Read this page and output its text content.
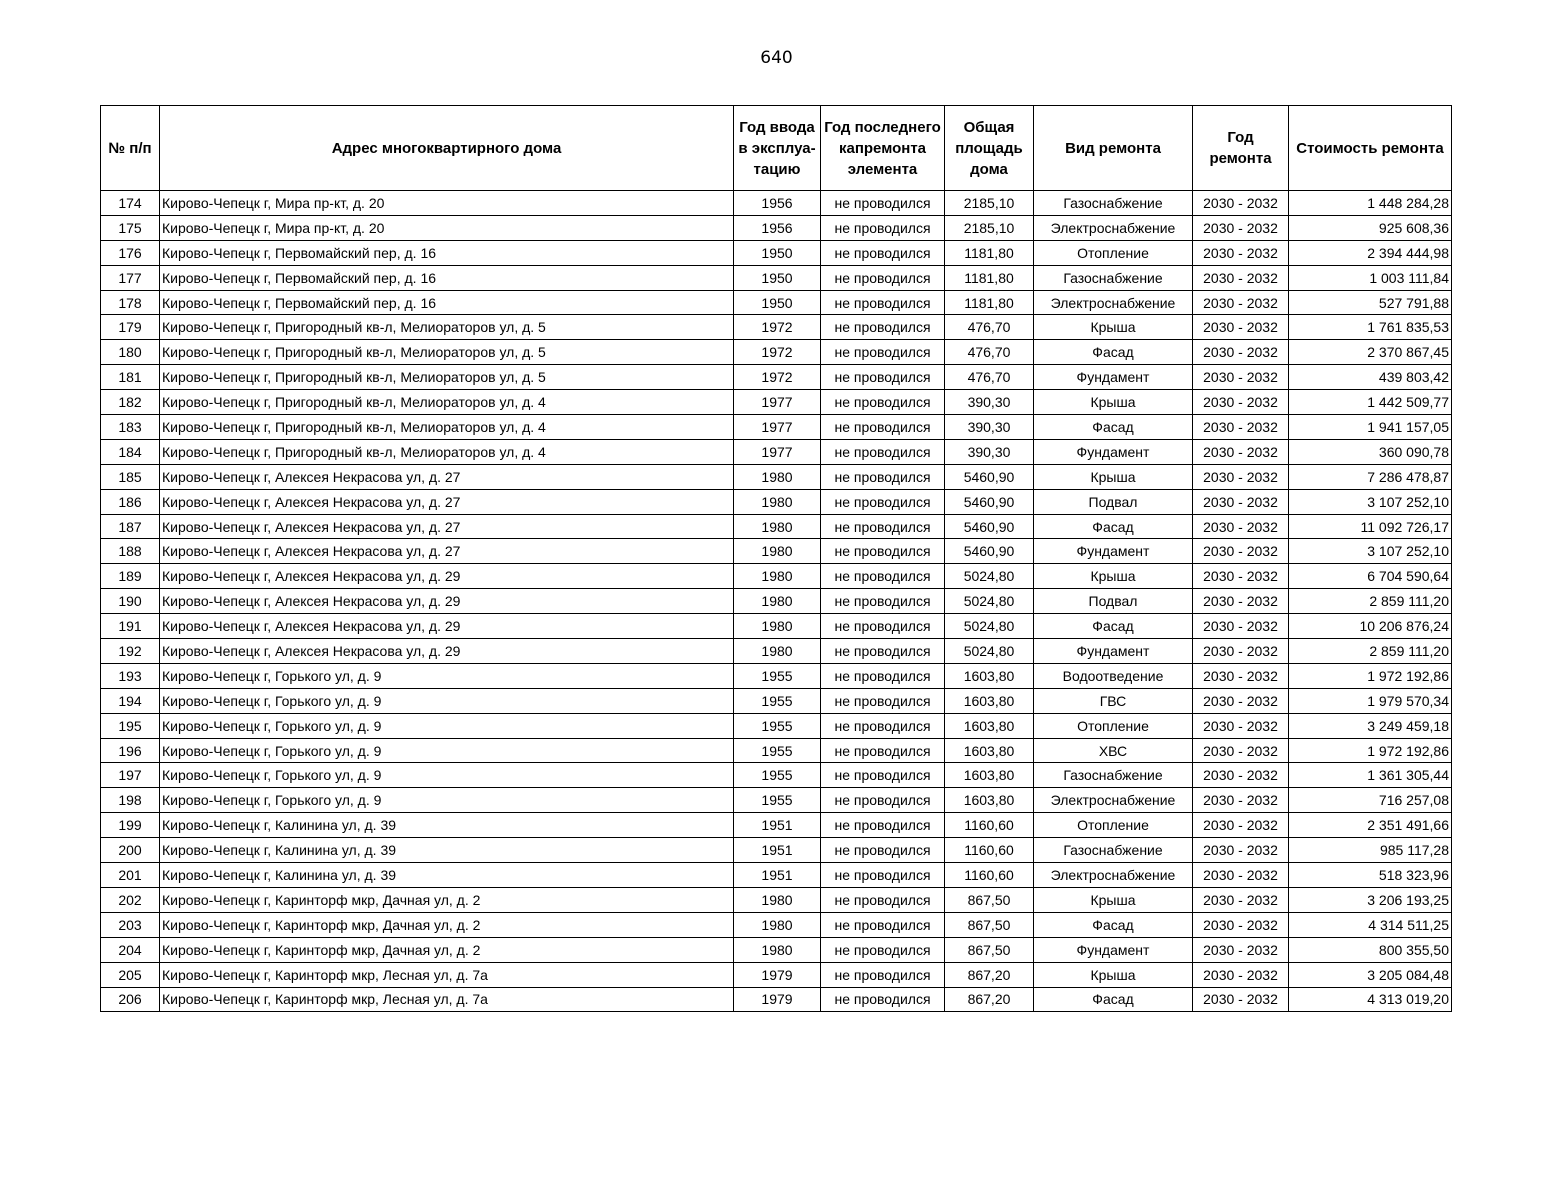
640
№ п/п	Адрес многоквартирного дома	Год ввода в эксплуа-тацию	Год последнего капремонта элемента	Общая площадь дома	Вид ремонта	Год ремонта	Стоимость ремонта
174	Кирово-Чепецк г, Мира пр-кт, д. 20	1956	не проводился	2185,10	Газоснабжение	2030 - 2032	1 448 284,28
175	Кирово-Чепецк г, Мира пр-кт, д. 20	1956	не проводился	2185,10	Электроснабжение	2030 - 2032	925 608,36
176	Кирово-Чепецк г, Первомайский пер, д. 16	1950	не проводился	1181,80	Отопление	2030 - 2032	2 394 444,98
177	Кирово-Чепецк г, Первомайский пер, д. 16	1950	не проводился	1181,80	Газоснабжение	2030 - 2032	1 003 111,84
178	Кирово-Чепецк г, Первомайский пер, д. 16	1950	не проводился	1181,80	Электроснабжение	2030 - 2032	527 791,88
179	Кирово-Чепецк г, Пригородный кв-л, Мелиораторов ул, д. 5	1972	не проводился	476,70	Крыша	2030 - 2032	1 761 835,53
180	Кирово-Чепецк г, Пригородный кв-л, Мелиораторов ул, д. 5	1972	не проводился	476,70	Фасад	2030 - 2032	2 370 867,45
181	Кирово-Чепецк г, Пригородный кв-л, Мелиораторов ул, д. 5	1972	не проводился	476,70	Фундамент	2030 - 2032	439 803,42
182	Кирово-Чепецк г, Пригородный кв-л, Мелиораторов ул, д. 4	1977	не проводился	390,30	Крыша	2030 - 2032	1 442 509,77
183	Кирово-Чепецк г, Пригородный кв-л, Мелиораторов ул, д. 4	1977	не проводился	390,30	Фасад	2030 - 2032	1 941 157,05
184	Кирово-Чепецк г, Пригородный кв-л, Мелиораторов ул, д. 4	1977	не проводился	390,30	Фундамент	2030 - 2032	360 090,78
185	Кирово-Чепецк г, Алексея Некрасова ул, д. 27	1980	не проводился	5460,90	Крыша	2030 - 2032	7 286 478,87
186	Кирово-Чепецк г, Алексея Некрасова ул, д. 27	1980	не проводился	5460,90	Подвал	2030 - 2032	3 107 252,10
187	Кирово-Чепецк г, Алексея Некрасова ул, д. 27	1980	не проводился	5460,90	Фасад	2030 - 2032	11 092 726,17
188	Кирово-Чепецк г, Алексея Некрасова ул, д. 27	1980	не проводился	5460,90	Фундамент	2030 - 2032	3 107 252,10
189	Кирово-Чепецк г, Алексея Некрасова ул, д. 29	1980	не проводился	5024,80	Крыша	2030 - 2032	6 704 590,64
190	Кирово-Чепецк г, Алексея Некрасова ул, д. 29	1980	не проводился	5024,80	Подвал	2030 - 2032	2 859 111,20
191	Кирово-Чепецк г, Алексея Некрасова ул, д. 29	1980	не проводился	5024,80	Фасад	2030 - 2032	10 206 876,24
192	Кирово-Чепецк г, Алексея Некрасова ул, д. 29	1980	не проводился	5024,80	Фундамент	2030 - 2032	2 859 111,20
193	Кирово-Чепецк г, Горького ул, д. 9	1955	не проводился	1603,80	Водоотведение	2030 - 2032	1 972 192,86
194	Кирово-Чепецк г, Горького ул, д. 9	1955	не проводился	1603,80	ГВС	2030 - 2032	1 979 570,34
195	Кирово-Чепецк г, Горького ул, д. 9	1955	не проводился	1603,80	Отопление	2030 - 2032	3 249 459,18
196	Кирово-Чепецк г, Горького ул, д. 9	1955	не проводился	1603,80	ХВС	2030 - 2032	1 972 192,86
197	Кирово-Чепецк г, Горького ул, д. 9	1955	не проводился	1603,80	Газоснабжение	2030 - 2032	1 361 305,44
198	Кирово-Чепецк г, Горького ул, д. 9	1955	не проводился	1603,80	Электроснабжение	2030 - 2032	716 257,08
199	Кирово-Чепецк г, Калинина ул, д. 39	1951	не проводился	1160,60	Отопление	2030 - 2032	2 351 491,66
200	Кирово-Чепецк г, Калинина ул, д. 39	1951	не проводился	1160,60	Газоснабжение	2030 - 2032	985 117,28
201	Кирово-Чепецк г, Калинина ул, д. 39	1951	не проводился	1160,60	Электроснабжение	2030 - 2032	518 323,96
202	Кирово-Чепецк г, Каринторф мкр, Дачная ул, д. 2	1980	не проводился	867,50	Крыша	2030 - 2032	3 206 193,25
203	Кирово-Чепецк г, Каринторф мкр, Дачная ул, д. 2	1980	не проводился	867,50	Фасад	2030 - 2032	4 314 511,25
204	Кирово-Чепецк г, Каринторф мкр, Дачная ул, д. 2	1980	не проводился	867,50	Фундамент	2030 - 2032	800 355,50
205	Кирово-Чепецк г, Каринторф мкр, Лесная ул, д. 7а	1979	не проводился	867,20	Крыша	2030 - 2032	3 205 084,48
206	Кирово-Чепецк г, Каринторф мкр, Лесная ул, д. 7а	1979	не проводился	867,20	Фасад	2030 - 2032	4 313 019,20
